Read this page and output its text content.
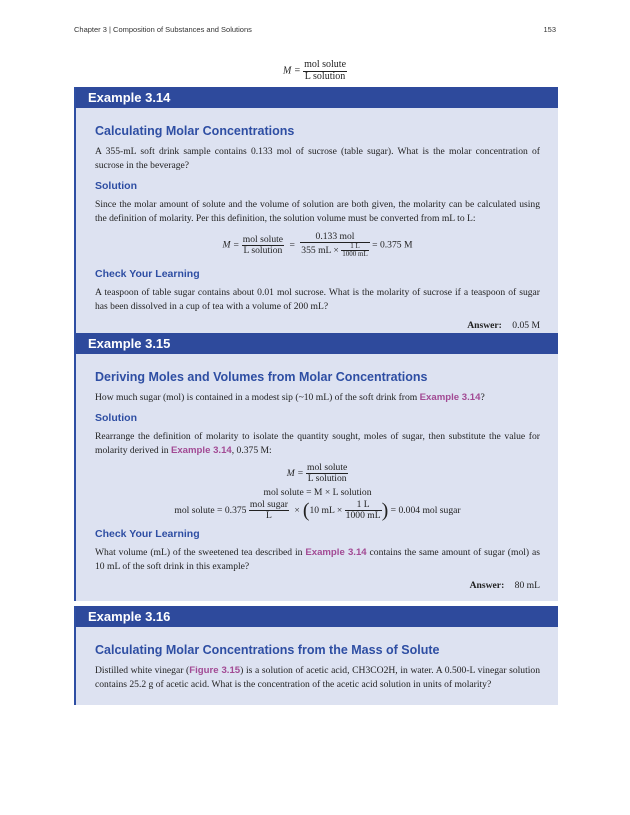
Chapter 3 | Composition of Substances and Solutions	153
$M = \frac{\text{mol solute}}{\text{L solution}}$
Example 3.14
Calculating Molar Concentrations

A 355-mL soft drink sample contains 0.133 mol of sucrose (table sugar). What is the molar concentration of sucrose in the beverage?

Solution

Since the molar amount of solute and the volume of solution are both given, the molarity can be calculated using the definition of molarity. Per this definition, the solution volume must be converted from mL to L:

$M = \frac{\text{mol solute}}{\text{L solution}} = \frac{\text{0.133 mol}}{355 mL \times \frac{1 L}{1000 mL}} = 0.375$ M
Check Your Learning

A teaspoon of table sugar contains about 0.01 mol sucrose. What is the molarity of sucrose if a teaspoon of sugar has been dissolved in a cup of tea with a volume of 200 mL?

Answer: 0.05 M
Example 3.15
Deriving Moles and Volumes from Molar Concentrations

How much sugar (mol) is contained in a modest sip (~10 mL) of the soft drink from Example 3.14?

Solution

Rearrange the definition of molarity to isolate the quantity sought, moles of sugar, then substitute the value for molarity derived in Example 3.14, 0.375 M:

$M = \frac{\text{mol solute}}{\text{L solution}}$
mol solute = M × L solution
mol solute = $0.375 \frac{\text{mol sugar}}{L} \times (10$ mL × $\frac{1 L}{1000 mL}$ ) = 0.004 mol sugar
Check Your Learning

What volume (mL) of the sweetened tea described in Example 3.14 contains the same amount of sugar (mol) as 10 mL of the soft drink in this example?

Answer: 80 mL
Example 3.16
Calculating Molar Concentrations from the Mass of Solute

Distilled white vinegar (Figure 3.15) is a solution of acetic acid, CH3CO2H, in water. A 0.500-L vinegar solution contains 25.2 g of acetic acid. What is the concentration of the acetic acid solution in units of molarity?
